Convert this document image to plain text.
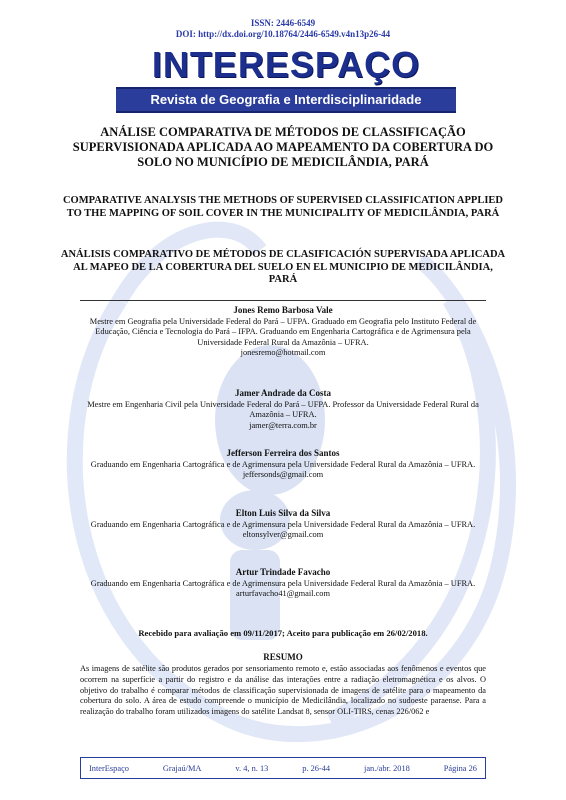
ISSN: 2446-6549
DOI: http://dx.doi.org/10.18764/2446-6549.v4n13p26-44
INTERESPAÇO
Revista de Geografia e Interdisciplinaridade
ANÁLISE COMPARATIVA DE MÉTODOS DE CLASSIFICAÇÃO SUPERVISIONADA APLICADA AO MAPEAMENTO DA COBERTURA DO SOLO NO MUNICÍPIO DE MEDICILÂNDIA, PARÁ
COMPARATIVE ANALYSIS THE METHODS OF SUPERVISED CLASSIFICATION APPLIED TO THE MAPPING OF SOIL COVER IN THE MUNICIPALITY OF MEDICILÂNDIA, PARÁ
ANÁLISIS COMPARATIVO DE MÉTODOS DE CLASIFICACIÓN SUPERVISADA APLICADA AL MAPEO DE LA COBERTURA DEL SUELO EN EL MUNICIPIO DE MEDICILÂNDIA, PARÁ
Jones Remo Barbosa Vale
Mestre em Geografia pela Universidade Federal do Pará – UFPA. Graduado em Geografia pelo Instituto Federal de Educação, Ciência e Tecnologia do Pará – IFPA. Graduando em Engenharia Cartográfica e de Agrimensura pela Universidade Federal Rural da Amazônia – UFRA.
jonesremo@hotmail.com
Jamer Andrade da Costa
Mestre em Engenharia Civil pela Universidade Federal do Pará – UFPA. Professor da Universidade Federal Rural da Amazônia – UFRA.
jamer@terra.com.br
Jefferson Ferreira dos Santos
Graduando em Engenharia Cartográfica e de Agrimensura pela Universidade Federal Rural da Amazônia – UFRA.
jeffersonds@gmail.com
Elton Luis Silva da Silva
Graduando em Engenharia Cartográfica e de Agrimensura pela Universidade Federal Rural da Amazônia – UFRA.
eltonsylver@gmail.com
Artur Trindade Favacho
Graduando em Engenharia Cartográfica e de Agrimensura pela Universidade Federal Rural da Amazônia – UFRA.
arturfavacho41@gmail.com
Recebido para avaliação em 09/11/2017; Aceito para publicação em 26/02/2018.
RESUMO
As imagens de satélite são produtos gerados por sensoriamento remoto e, estão associadas aos fenômenos e eventos que ocorrem na superfície a partir do registro e da análise das interações entre a radiação eletromagnética e os alvos. O objetivo do trabalho é comparar métodos de classificação supervisionada de imagens de satélite para o mapeamento da cobertura do solo. A área de estudo compreende o município de Medicilândia, localizado no sudoeste paraense. Para a realização do trabalho foram utilizados imagens do satélite Landsat 8, sensor OLI-TIRS, cenas 226/062 e
InterEspaço	Grajaú/MA	v. 4, n. 13	p. 26-44	jan./abr. 2018	Página 26
